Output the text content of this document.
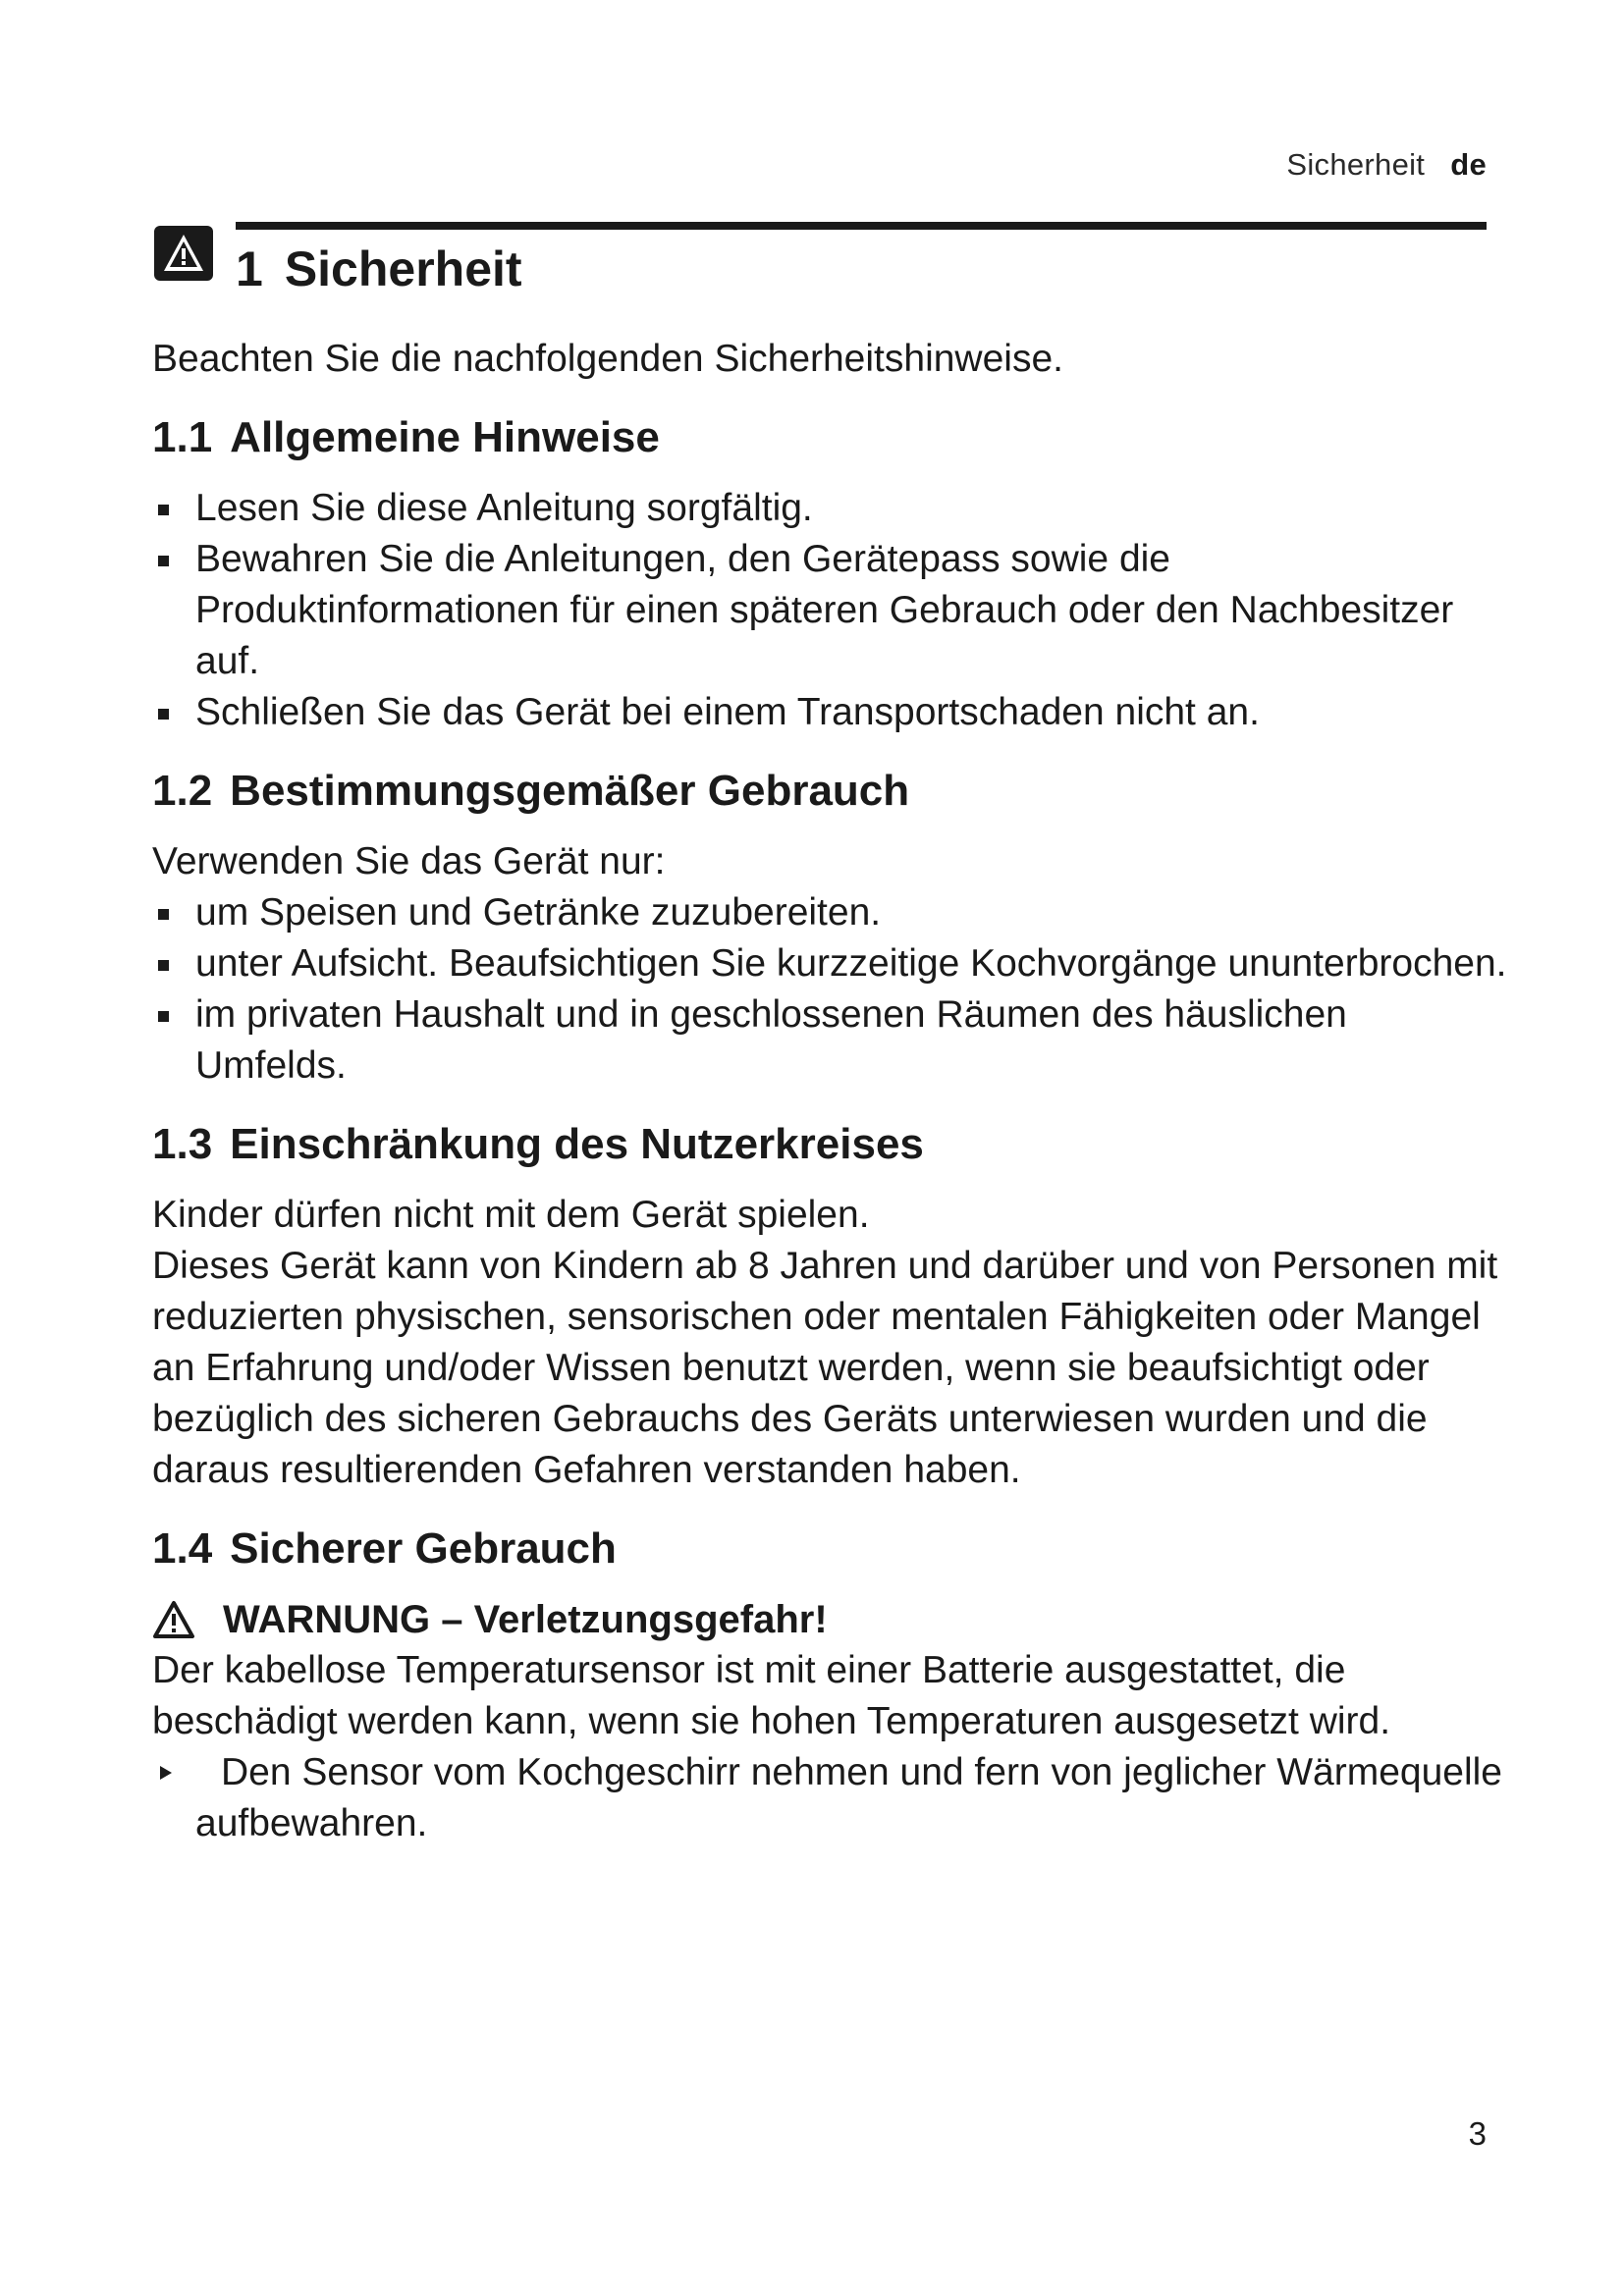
Sicherheit de
1 Sicherheit

Beachten Sie die nachfolgenden Sicherheitshinweise.

1.1 Allgemeine Hinweise
Lesen Sie diese Anleitung sorgfältig.
Bewahren Sie die Anleitungen, den Gerätepass sowie die Produktinformationen für einen späteren Gebrauch oder den Nachbesitzer auf.
Schließen Sie das Gerät bei einem Transportschaden nicht an.
1.2 Bestimmungsgemäßer Gebrauch

Verwenden Sie das Gerät nur:

um Speisen und Getränke zuzubereiten.
unter Aufsicht. Beaufsichtigen Sie kurzzeitige Kochvorgänge ununterbrochen.
im privaten Haushalt und in geschlossenen Räumen des häuslichen Umfelds.
1.3 Einschränkung des Nutzerkreises

Kinder dürfen nicht mit dem Gerät spielen.

Dieses Gerät kann von Kindern ab 8 Jahren und darüber und von Personen mit reduzierten physischen, sensorischen oder mentalen Fähigkeiten oder Mangel an Erfahrung und/oder Wissen benutzt werden, wenn sie beaufsichtigt oder bezüglich des sicheren Gebrauchs des Geräts unterwiesen wurden und die daraus resultierenden Gefahren verstanden haben.

1.4 Sicherer Gebrauch
WARNUNG – Verletzungsgefahr!

Der kabellose Temperatursensor ist mit einer Batterie ausgestattet, die beschädigt werden kann, wenn sie hohen Temperaturen ausgesetzt wird.

Den Sensor vom Kochgeschirr nehmen und fern von jeglicher Wärmequelle aufbewahren.
3
